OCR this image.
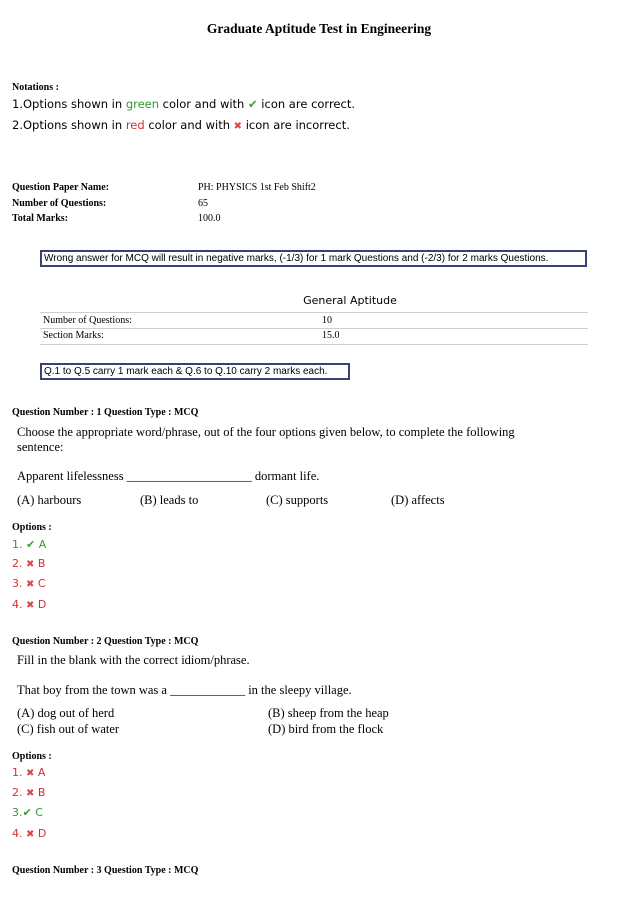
Graduate Aptitude Test in Engineering
Notations :
1.Options shown in green color and with ✔ icon are correct.
2.Options shown in red color and with ✖ icon are incorrect.
Question Paper Name:	PH: PHYSICS 1st Feb Shift2
Number of Questions:	65
Total Marks:	100.0
Wrong answer for MCQ will result in negative marks, (-1/3) for 1 mark Questions and (-2/3) for 2 marks Questions.
General Aptitude
Number of Questions:	10
Section Marks:	15.0
Q.1 to Q.5 carry 1 mark each & Q.6 to Q.10 carry 2 marks each.
Question Number : 1 Question Type : MCQ
Choose the appropriate word/phrase, out of the four options given below, to complete the following
sentence:
Apparent lifelessness ____________________ dormant life.
(A) harbours	(B) leads to	(C) supports	(D) affects
Options :
1. ✔ A
2. ✖ B
3. ✖ C
4. ✖ D
Question Number : 2 Question Type : MCQ
Fill in the blank with the correct idiom/phrase.
That boy from the town was a ____________ in the sleepy village.
(A) dog out of herd	(B) sheep from the heap
(C) fish out of water	(D) bird from the flock
Options :
1. ✖ A
2. ✖ B
3.✔ C
4. ✖ D
Question Number : 3 Question Type : MCQ
